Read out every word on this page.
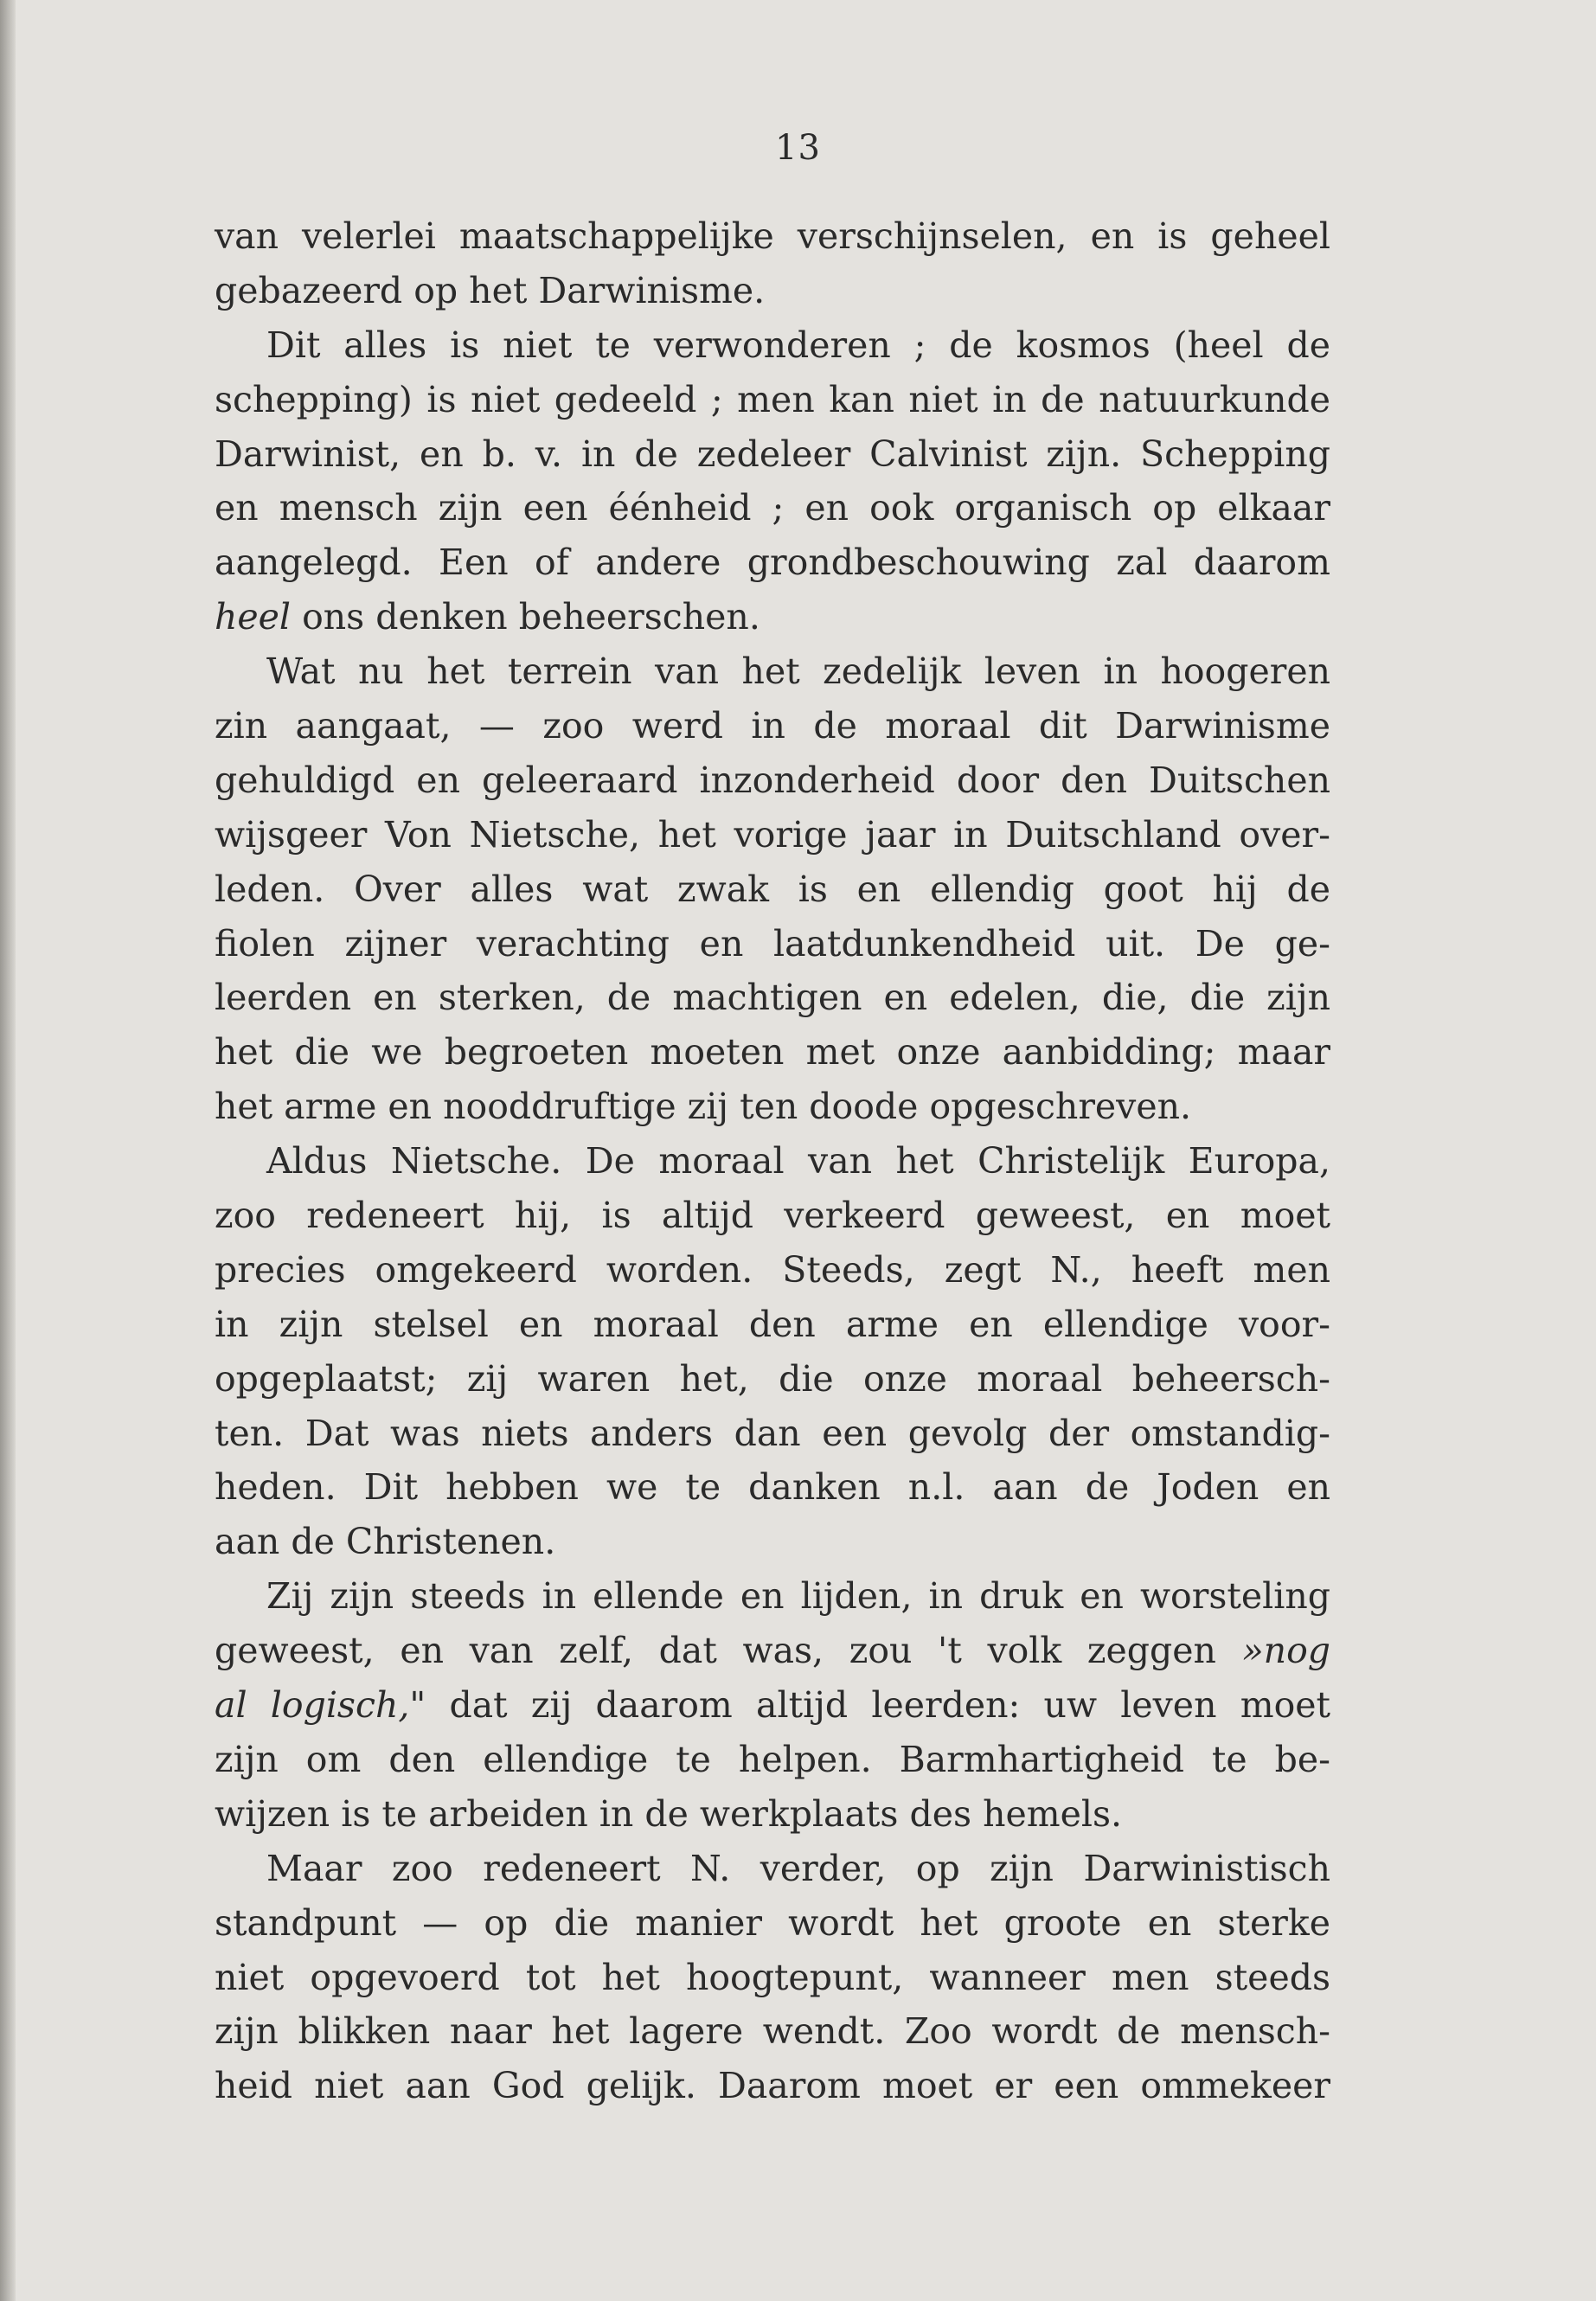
13
van velerlei maatschappelijke verschijnselen, en is geheel
gebazeerd op het Darwinisme.
Dit alles is niet te verwonderen ; de kosmos (heel de
schepping) is niet gedeeld ; men kan niet in de natuurkunde
Darwinist, en b. v. in de zedeleer Calvinist zijn. Schepping
en mensch zijn een éénheid ; en ook organisch op elkaar
aangelegd. Een of andere grondbeschouwing zal daarom
heel ons denken beheerschen.
Wat nu het terrein van het zedelijk leven in hoogeren
zin aangaat, — zoo werd in de moraal dit Darwinisme
gehuldigd en geleeraard inzonderheid door den Duitschen
wijsgeer Von Nietsche, het vorige jaar in Duitschland over-
leden. Over alles wat zwak is en ellendig goot hij de
fiolen zijner verachting en laatdunkendheid uit. De ge-
leerden en sterken, de machtigen en edelen, die, die zijn
het die we begroeten moeten met onze aanbidding; maar
het arme en nooddruftige zij ten doode opgeschreven.
Aldus Nietsche. De moraal van het Christelijk Europa,
zoo redeneert hij, is altijd verkeerd geweest, en moet
precies omgekeerd worden. Steeds, zegt N., heeft men
in zijn stelsel en moraal den arme en ellendige voor-
opgeplaatst; zij waren het, die onze moraal beheersch-
ten. Dat was niets anders dan een gevolg der omstandig-
heden. Dit hebben we te danken n.l. aan de Joden en
aan de Christenen.
Zij zijn steeds in ellende en lijden, in druk en worsteling
geweest, en van zelf, dat was, zou 't volk zeggen »nog
al logisch," dat zij daarom altijd leerden: uw leven moet
zijn om den ellendige te helpen. Barmhartigheid te be-
wijzen is te arbeiden in de werkplaats des hemels.
Maar zoo redeneert N. verder, op zijn Darwinistisch
standpunt — op die manier wordt het groote en sterke
niet opgevoerd tot het hoogtepunt, wanneer men steeds
zijn blikken naar het lagere wendt. Zoo wordt de mensch-
heid niet aan God gelijk. Daarom moet er een ommekeer
